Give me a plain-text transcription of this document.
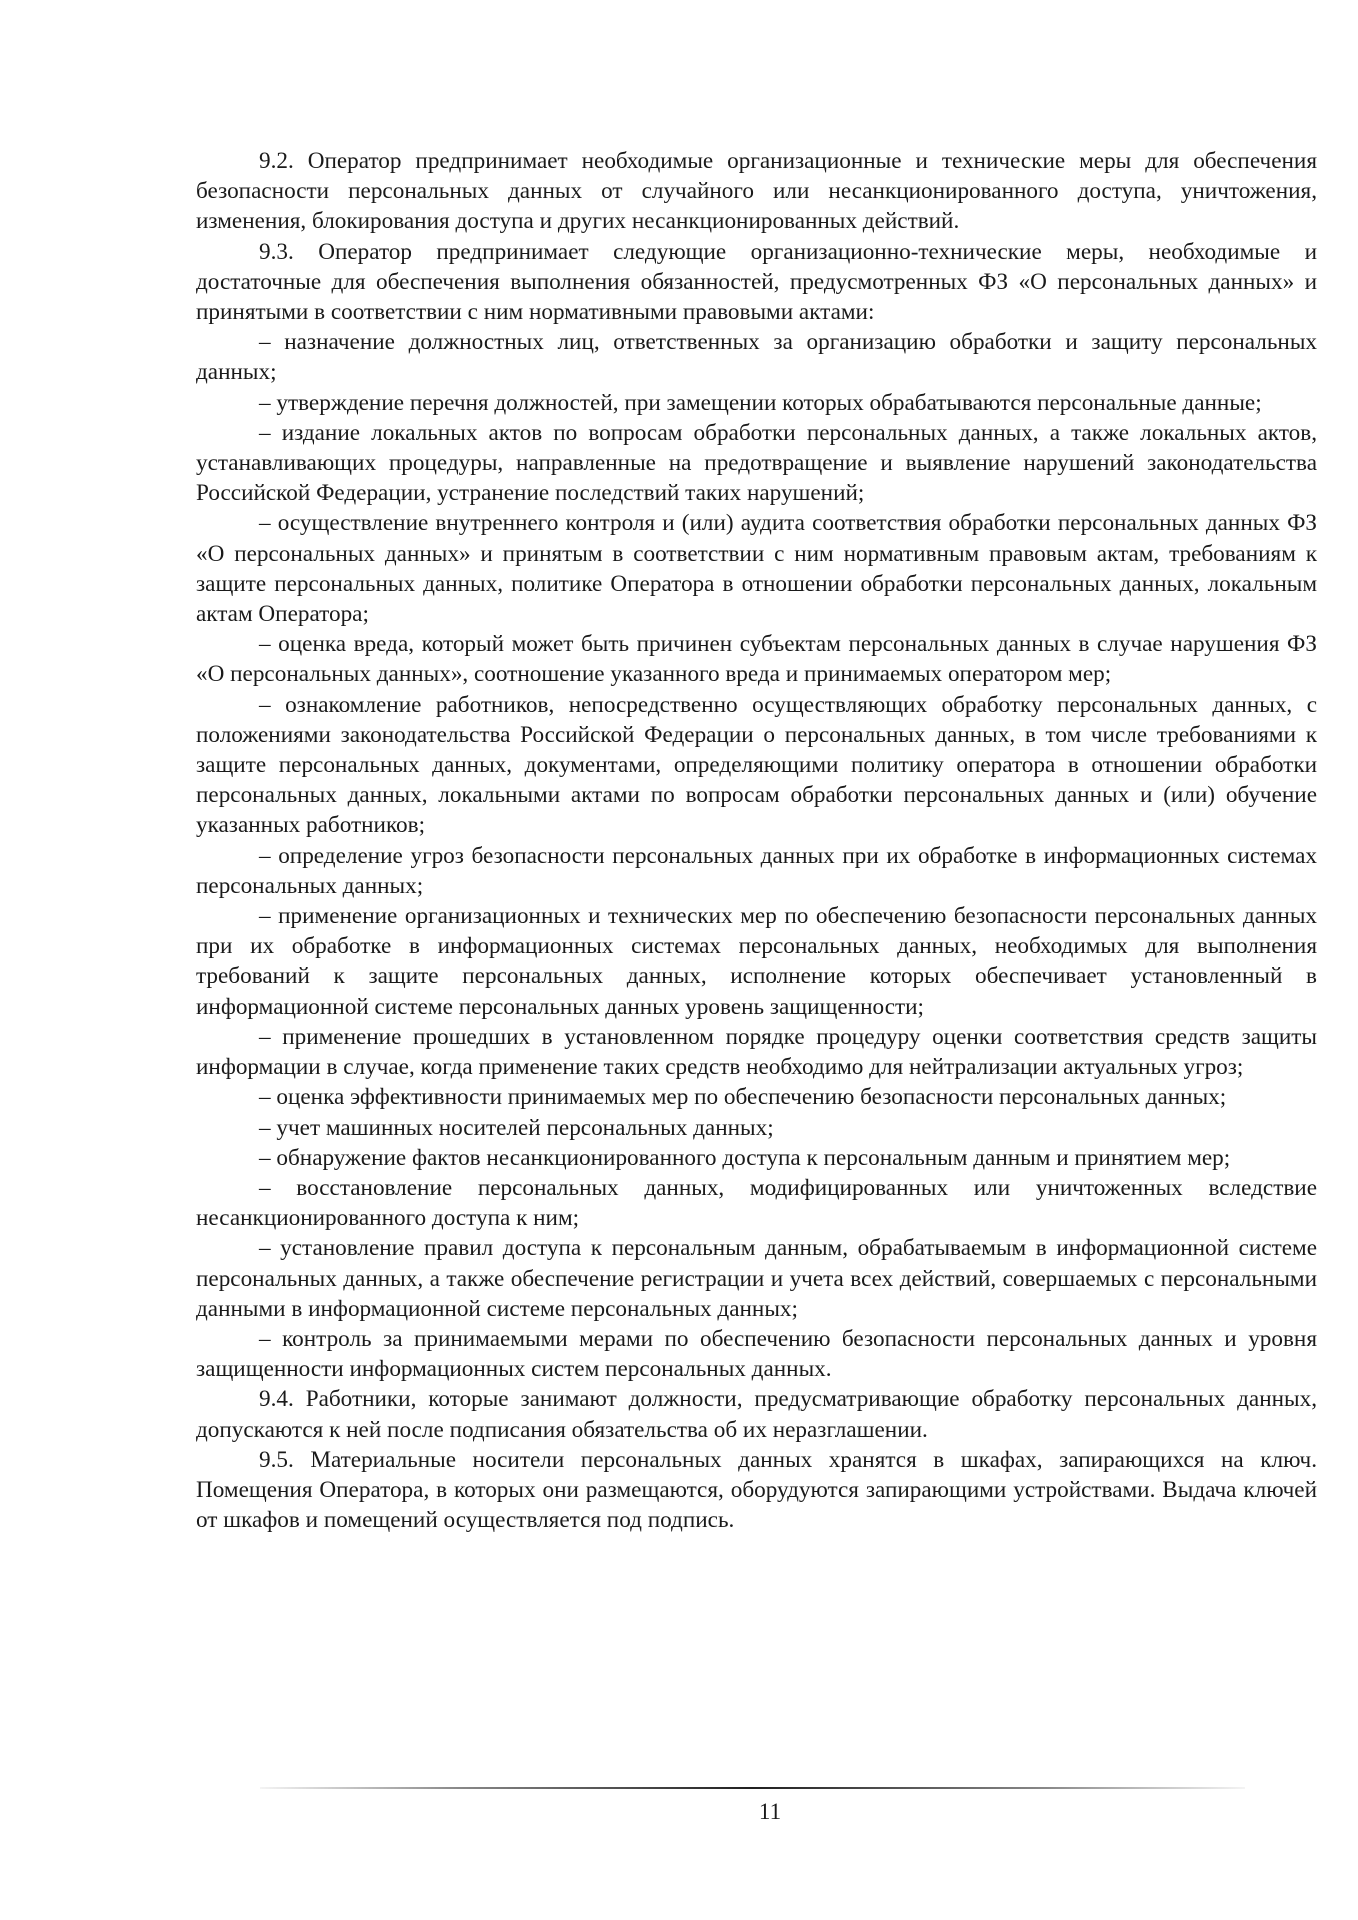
9.2. Оператор предпринимает необходимые организационные и технические меры для обеспечения безопасности персональных данных от случайного или несанкционированного доступа, уничтожения, изменения, блокирования доступа и других несанкционированных действий.

9.3. Оператор предпринимает следующие организационно-технические меры, необходимые и достаточные для обеспечения выполнения обязанностей, предусмотренных ФЗ «О персональных данных» и принятыми в соответствии с ним нормативными правовыми актами:

– назначение должностных лиц, ответственных за организацию обработки и защиту персональных данных;

– утверждение перечня должностей, при замещении которых обрабатываются персональные данные;

– издание локальных актов по вопросам обработки персональных данных, а также локальных актов, устанавливающих процедуры, направленные на предотвращение и выявление нарушений законодательства Российской Федерации, устранение последствий таких нарушений;

– осуществление внутреннего контроля и (или) аудита соответствия обработки персональных данных ФЗ «О персональных данных» и принятым в соответствии с ним нормативным правовым актам, требованиям к защите персональных данных, политике Оператора в отношении обработки персональных данных, локальным актам Оператора;

– оценка вреда, который может быть причинен субъектам персональных данных в случае нарушения ФЗ «О персональных данных», соотношение указанного вреда и принимаемых оператором мер;

– ознакомление работников, непосредственно осуществляющих обработку персональных данных, с положениями законодательства Российской Федерации о персональных данных, в том числе требованиями к защите персональных данных, документами, определяющими политику оператора в отношении обработки персональных данных, локальными актами по вопросам обработки персональных данных и (или) обучение указанных работников;

– определение угроз безопасности персональных данных при их обработке в информационных системах персональных данных;

– применение организационных и технических мер по обеспечению безопасности персональных данных при их обработке в информационных системах персональных данных, необходимых для выполнения требований к защите персональных данных, исполнение которых обеспечивает установленный в информационной системе персональных данных уровень защищенности;

– применение прошедших в установленном порядке процедуру оценки соответствия средств защиты информации в случае, когда применение таких средств необходимо для нейтрализации актуальных угроз;

– оценка эффективности принимаемых мер по обеспечению безопасности персональных данных;

– учет машинных носителей персональных данных;

– обнаружение фактов несанкционированного доступа к персональным данным и принятием мер;

– восстановление персональных данных, модифицированных или уничтоженных вследствие несанкционированного доступа к ним;

– установление правил доступа к персональным данным, обрабатываемым в информационной системе персональных данных, а также обеспечение регистрации и учета всех действий, совершаемых с персональными данными в информационной системе персональных данных;

– контроль за принимаемыми мерами по обеспечению безопасности персональных данных и уровня защищенности информационных систем персональных данных.

9.4. Работники, которые занимают должности, предусматривающие обработку персональных данных, допускаются к ней после подписания обязательства об их неразглашении.

9.5. Материальные носители персональных данных хранятся в шкафах, запирающихся на ключ. Помещения Оператора, в которых они размещаются, оборудуются запирающими устройствами. Выдача ключей от шкафов и помещений осуществляется под подпись.

11
